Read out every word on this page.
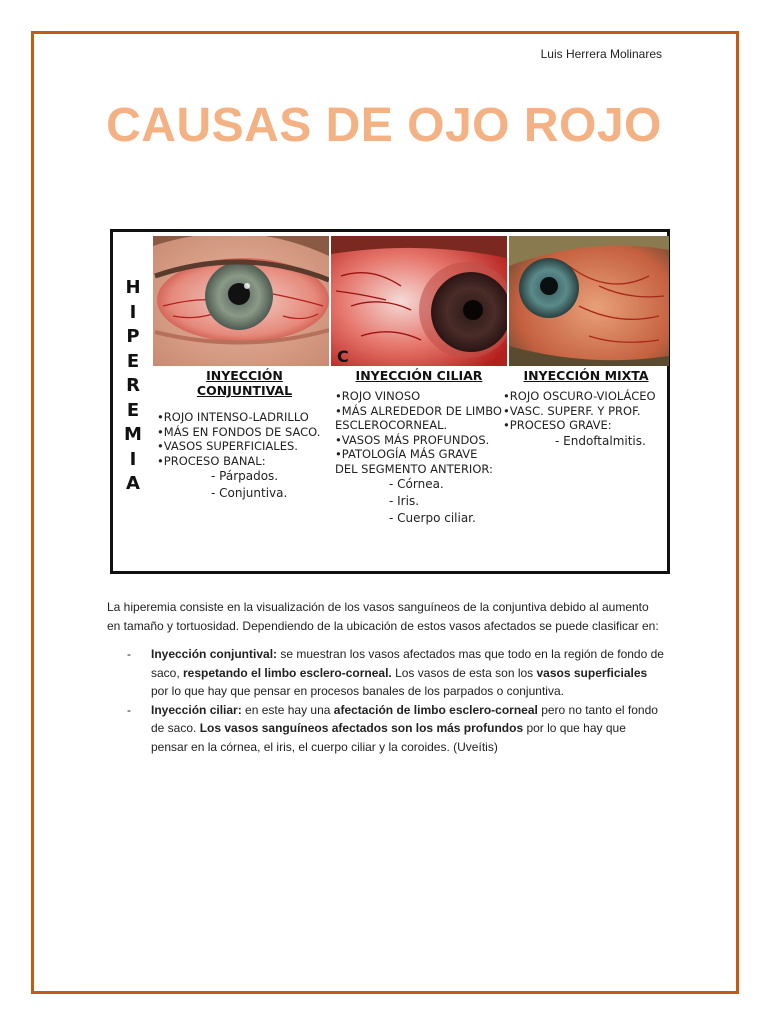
Luis Herrera Molinares
CAUSAS DE OJO ROJO
H
I
P
E
R
E
M
I
A
C
INYECCIÓN
CONJUNTIVAL
•ROJO INTENSO-LADRILLO
•MÁS EN FONDOS DE SACO.
•VASOS SUPERFICIALES.
•PROCESO BANAL:
- Párpados.
- Conjuntiva.
INYECCIÓN CILIAR
•ROJO VINOSO
•MÁS ALREDEDOR DE LIMBO ESCLEROCORNEAL.
•VASOS MÁS PROFUNDOS.
•PATOLOGÍA MÁS GRAVE DEL SEGMENTO ANTERIOR:
- Córnea.
- Iris.
- Cuerpo ciliar.
INYECCIÓN MIXTA
•ROJO OSCURO-VIOLÁCEO
•VASC. SUPERF. Y PROF.
•PROCESO GRAVE:
- Endoftalmitis.

La hiperemia consiste en la visualización de los vasos sanguíneos de la conjuntiva debido al aumento en tamaño y tortuosidad. Dependiendo de la ubicación de estos vasos afectados se puede clasificar en:

- Inyección conjuntival: se muestran los vasos afectados mas que todo en la región de fondo de saco, respetando el limbo esclero-corneal. Los vasos de esta son los vasos superficiales por lo que hay que pensar en procesos banales de los parpados o conjuntiva.
- Inyección ciliar: en este hay una afectación de limbo esclero-corneal pero no tanto el fondo de saco. Los vasos sanguíneos afectados son los más profundos por lo que hay que pensar en la córnea, el iris, el cuerpo ciliar y la coroides. (Uveítis)
